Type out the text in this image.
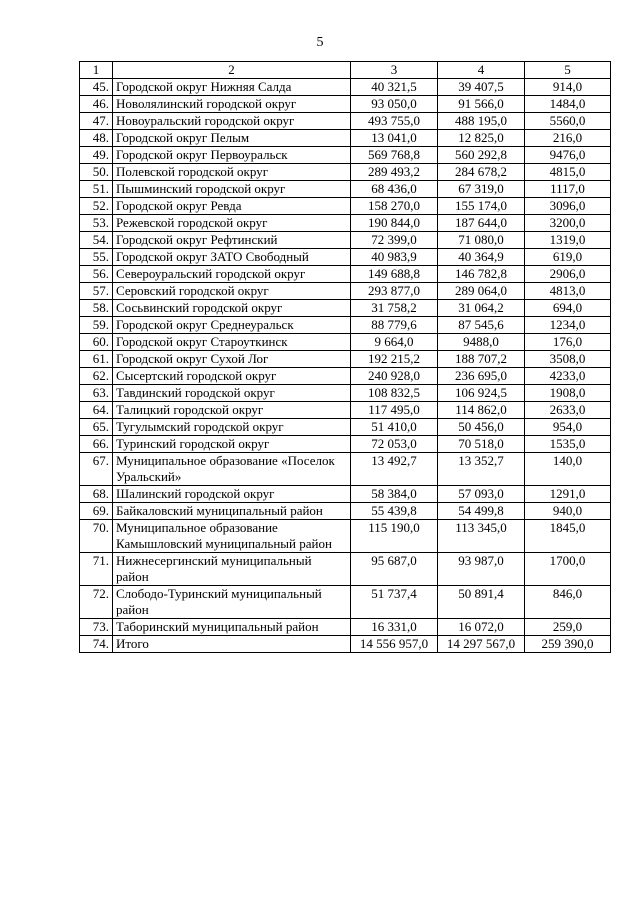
5
1	2	3	4	5
45.	Городской округ Нижняя Салда	40 321,5	39 407,5	914,0
46.	Новолялинский городской округ	93 050,0	91 566,0	1484,0
47.	Новоуральский городской округ	493 755,0	488 195,0	5560,0
48.	Городской округ Пелым	13 041,0	12 825,0	216,0
49.	Городской округ Первоуральск	569 768,8	560 292,8	9476,0
50.	Полевской городской округ	289 493,2	284 678,2	4815,0
51.	Пышминский городской округ	68 436,0	67 319,0	1117,0
52.	Городской округ Ревда	158 270,0	155 174,0	3096,0
53.	Режевской городской округ	190 844,0	187 644,0	3200,0
54.	Городской округ Рефтинский	72 399,0	71 080,0	1319,0
55.	Городской округ ЗАТО Свободный	40 983,9	40 364,9	619,0
56.	Североуральский городской округ	149 688,8	146 782,8	2906,0
57.	Серовский городской округ	293 877,0	289 064,0	4813,0
58.	Сосьвинский городской округ	31 758,2	31 064,2	694,0
59.	Городской округ Среднеуральск	88 779,6	87 545,6	1234,0
60.	Городской округ Староуткинск	9 664,0	9488,0	176,0
61.	Городской округ Сухой Лог	192 215,2	188 707,2	3508,0
62.	Сысертский городской округ	240 928,0	236 695,0	4233,0
63.	Тавдинский городской округ	108 832,5	106 924,5	1908,0
64.	Талицкий городской округ	117 495,0	114 862,0	2633,0
65.	Тугулымский городской округ	51 410,0	50 456,0	954,0
66.	Туринский городской округ	72 053,0	70 518,0	1535,0
67.	Муниципальное образование «Поселок Уральский»	13 492,7	13 352,7	140,0
68.	Шалинский городской округ	58 384,0	57 093,0	1291,0
69.	Байкаловский муниципальный район	55 439,8	54 499,8	940,0
70.	Муниципальное образование Камышловский муниципальный район	115 190,0	113 345,0	1845,0
71.	Нижнесергинский муниципальный район	95 687,0	93 987,0	1700,0
72.	Слободо-Туринский муниципальный район	51 737,4	50 891,4	846,0
73.	Таборинский муниципальный район	16 331,0	16 072,0	259,0
74.	Итого	14 556 957,0	14 297 567,0	259 390,0
